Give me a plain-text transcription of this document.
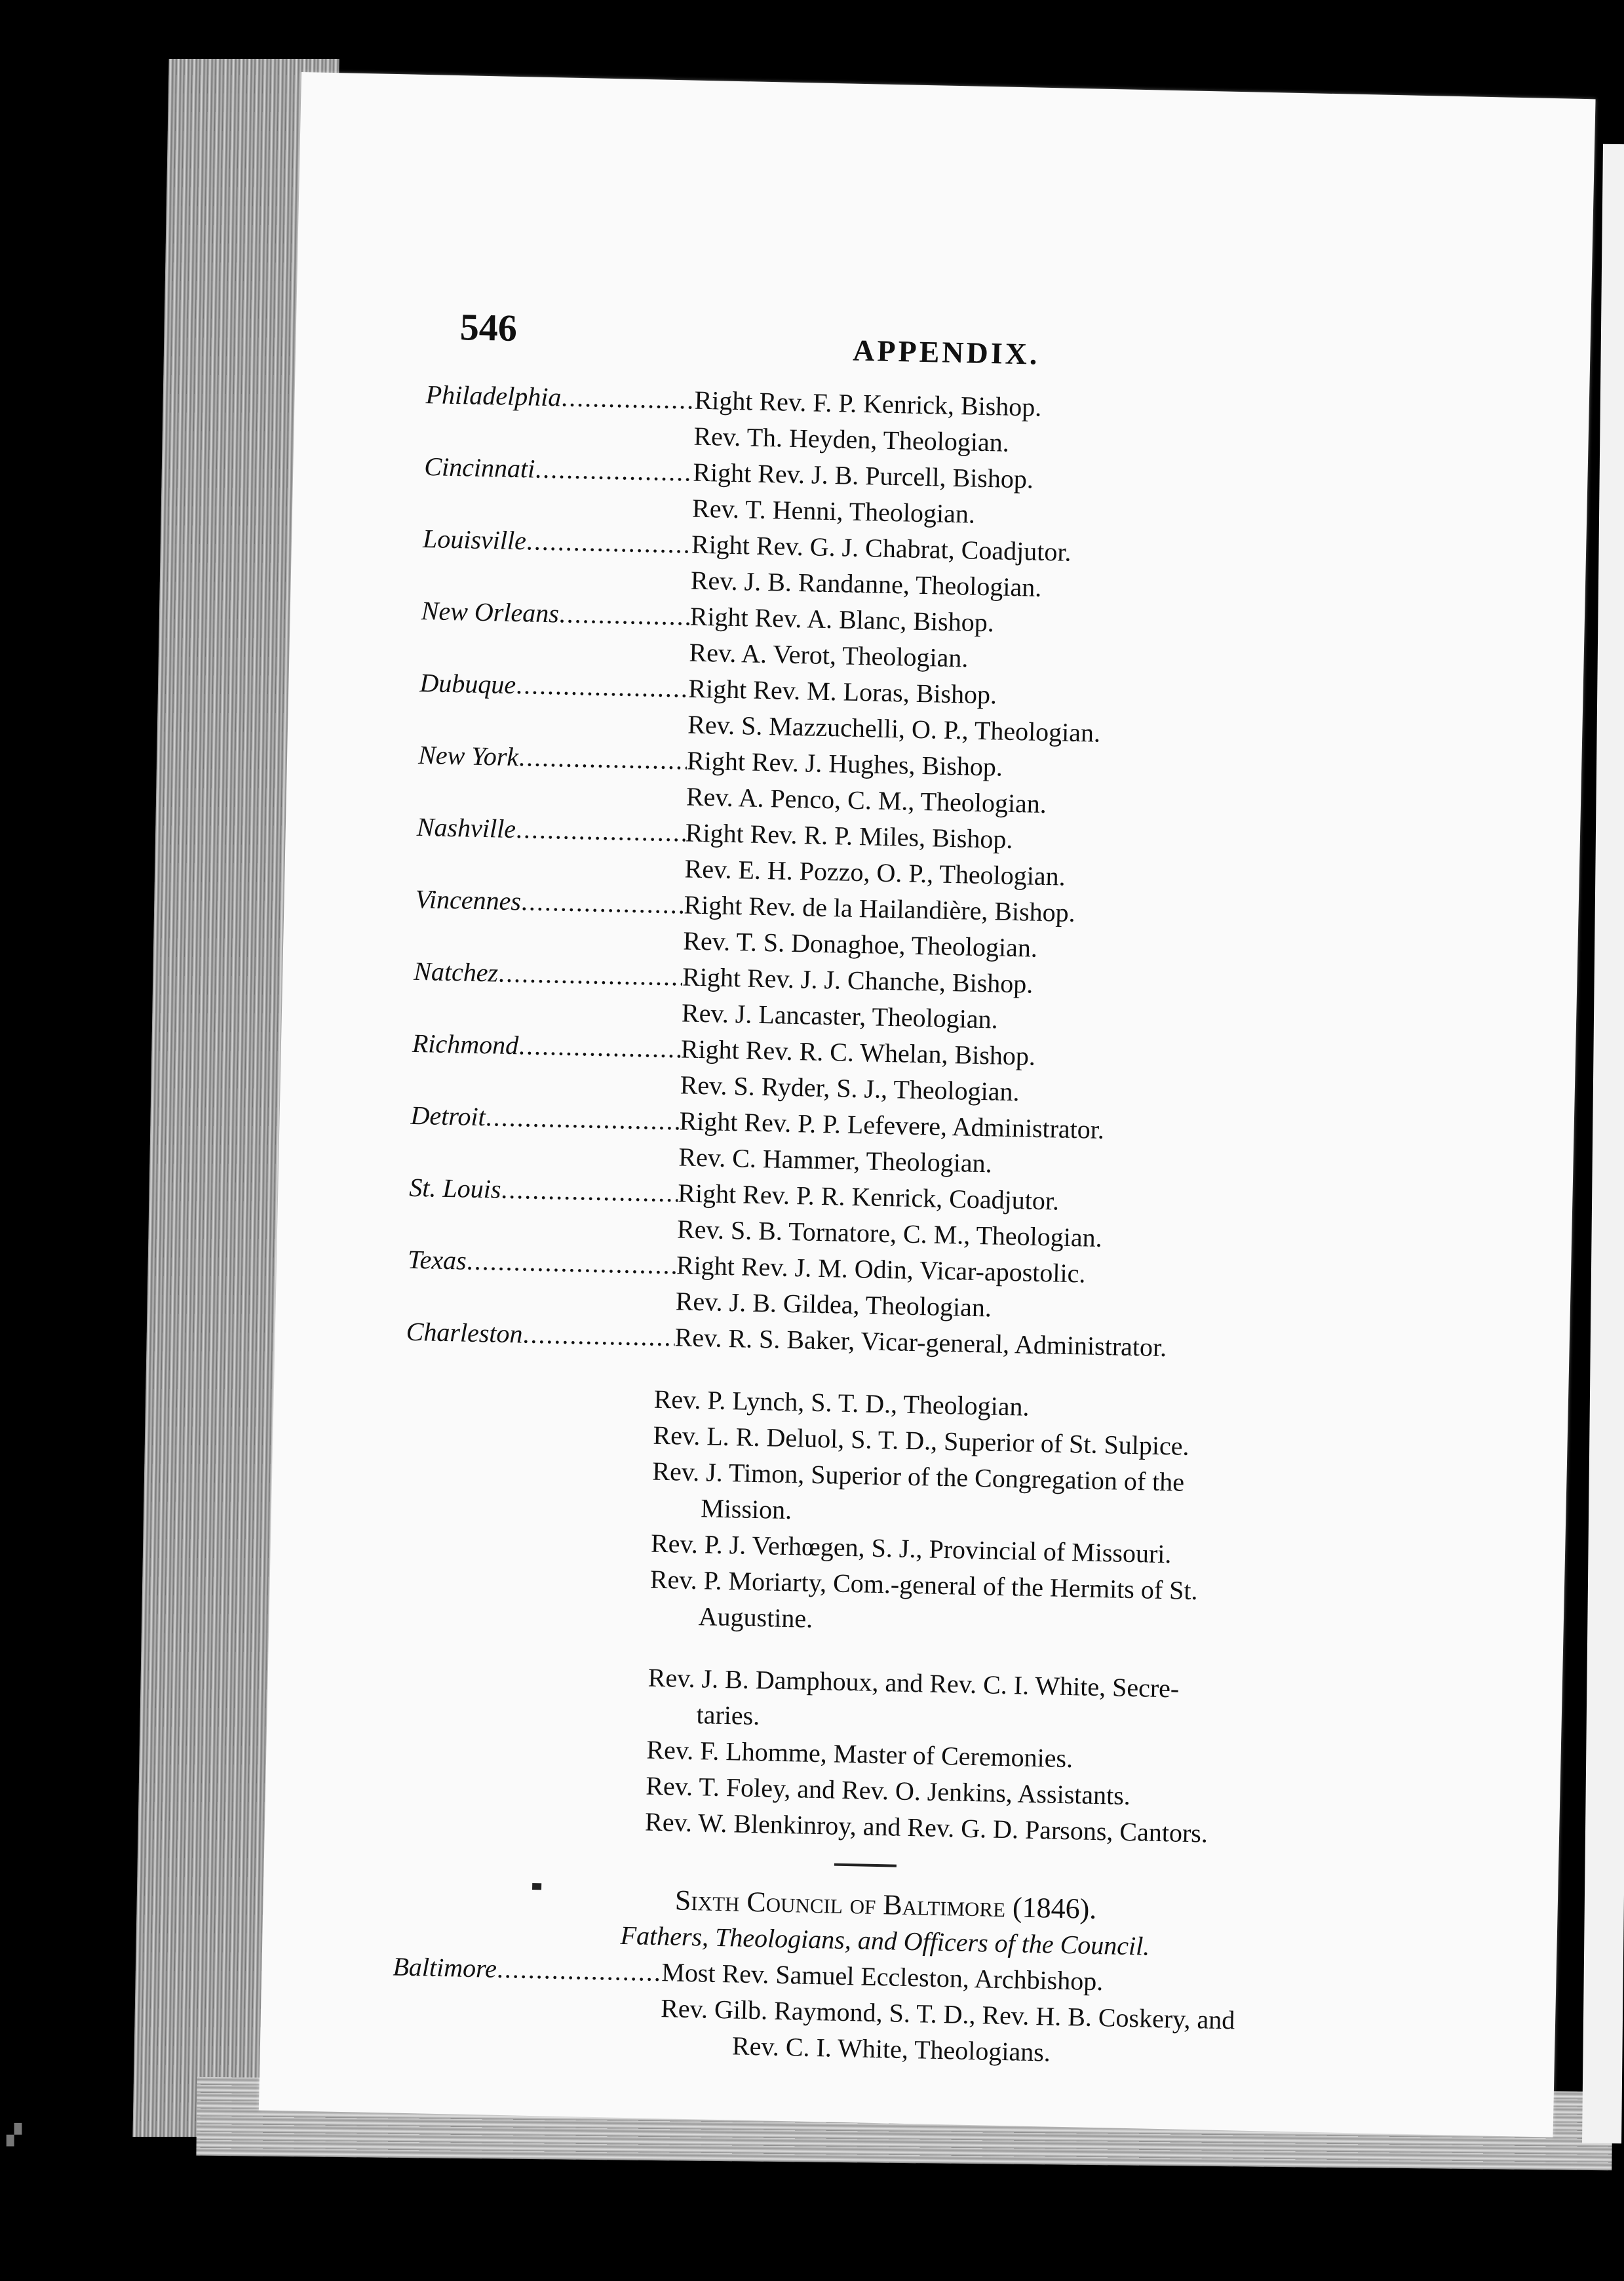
546
APPENDIX.
Philadelphia .....	Right Rev. F. P. Kenrick, Bishop.
Rev. Th. Heyden, Theologian.
Cincinnati .....	Right Rev. J. B. Purcell, Bishop.
Rev. T. Henni, Theologian.
Louisville .....	Right Rev. G. J. Chabrat, Coadjutor.
Rev. J. B. Randanne, Theologian.
New Orleans .....	Right Rev. A. Blanc, Bishop.
Rev. A. Verot, Theologian.
Dubuque .....	Right Rev. M. Loras, Bishop.
Rev. S. Mazzuchelli, O. P., Theologian.
New York .....	Right Rev. J. Hughes, Bishop.
Rev. A. Penco, C. M., Theologian.
Nashville .....	Right Rev. R. P. Miles, Bishop.
Rev. E. H. Pozzo, O. P., Theologian.
Vincennes .....	Right Rev. de la Hailandière, Bishop.
Rev. T. S. Donaghoe, Theologian.
Natchez .....	Right Rev. J. J. Chanche, Bishop.
Rev. J. Lancaster, Theologian.
Richmond .....	Right Rev. R. C. Whelan, Bishop.
Rev. S. Ryder, S. J., Theologian.
Detroit .....	Right Rev. P. P. Lefevere, Administrator.
Rev. C. Hammer, Theologian.
St. Louis .....	Right Rev. P. R. Kenrick, Coadjutor.
Rev. S. B. Tornatore, C. M., Theologian.
Texas .....	Right Rev. J. M. Odin, Vicar-apostolic.
Rev. J. B. Gildea, Theologian.
Charleston .....	Rev. R. S. Baker, Vicar-general, Administrator.
Rev. P. Lynch, S. T. D., Theologian.
Rev. L. R. Deluol, S. T. D., Superior of St. Sulpice.
Rev. J. Timon, Superior of the Congregation of the
Mission.
Rev. P. J. Verhœgen, S. J., Provincial of Missouri.
Rev. P. Moriarty, Com.-general of the Hermits of St.
Augustine.
Rev. J. B. Damphoux, and Rev. C. I. White, Secre-
taries.
Rev. F. Lhomme, Master of Ceremonies.
Rev. T. Foley, and Rev. O. Jenkins, Assistants.
Rev. W. Blenkinroy, and Rev. G. D. Parsons, Cantors.
Sixth Council of Baltimore (1846).
Fathers, Theologians, and Officers of the Council.
Baltimore .....	Most Rev. Samuel Eccleston, Archbishop.
Rev. Gilb. Raymond, S. T. D., Rev. H. B. Coskery, and
Rev. C. I. White, Theologians.
▞
